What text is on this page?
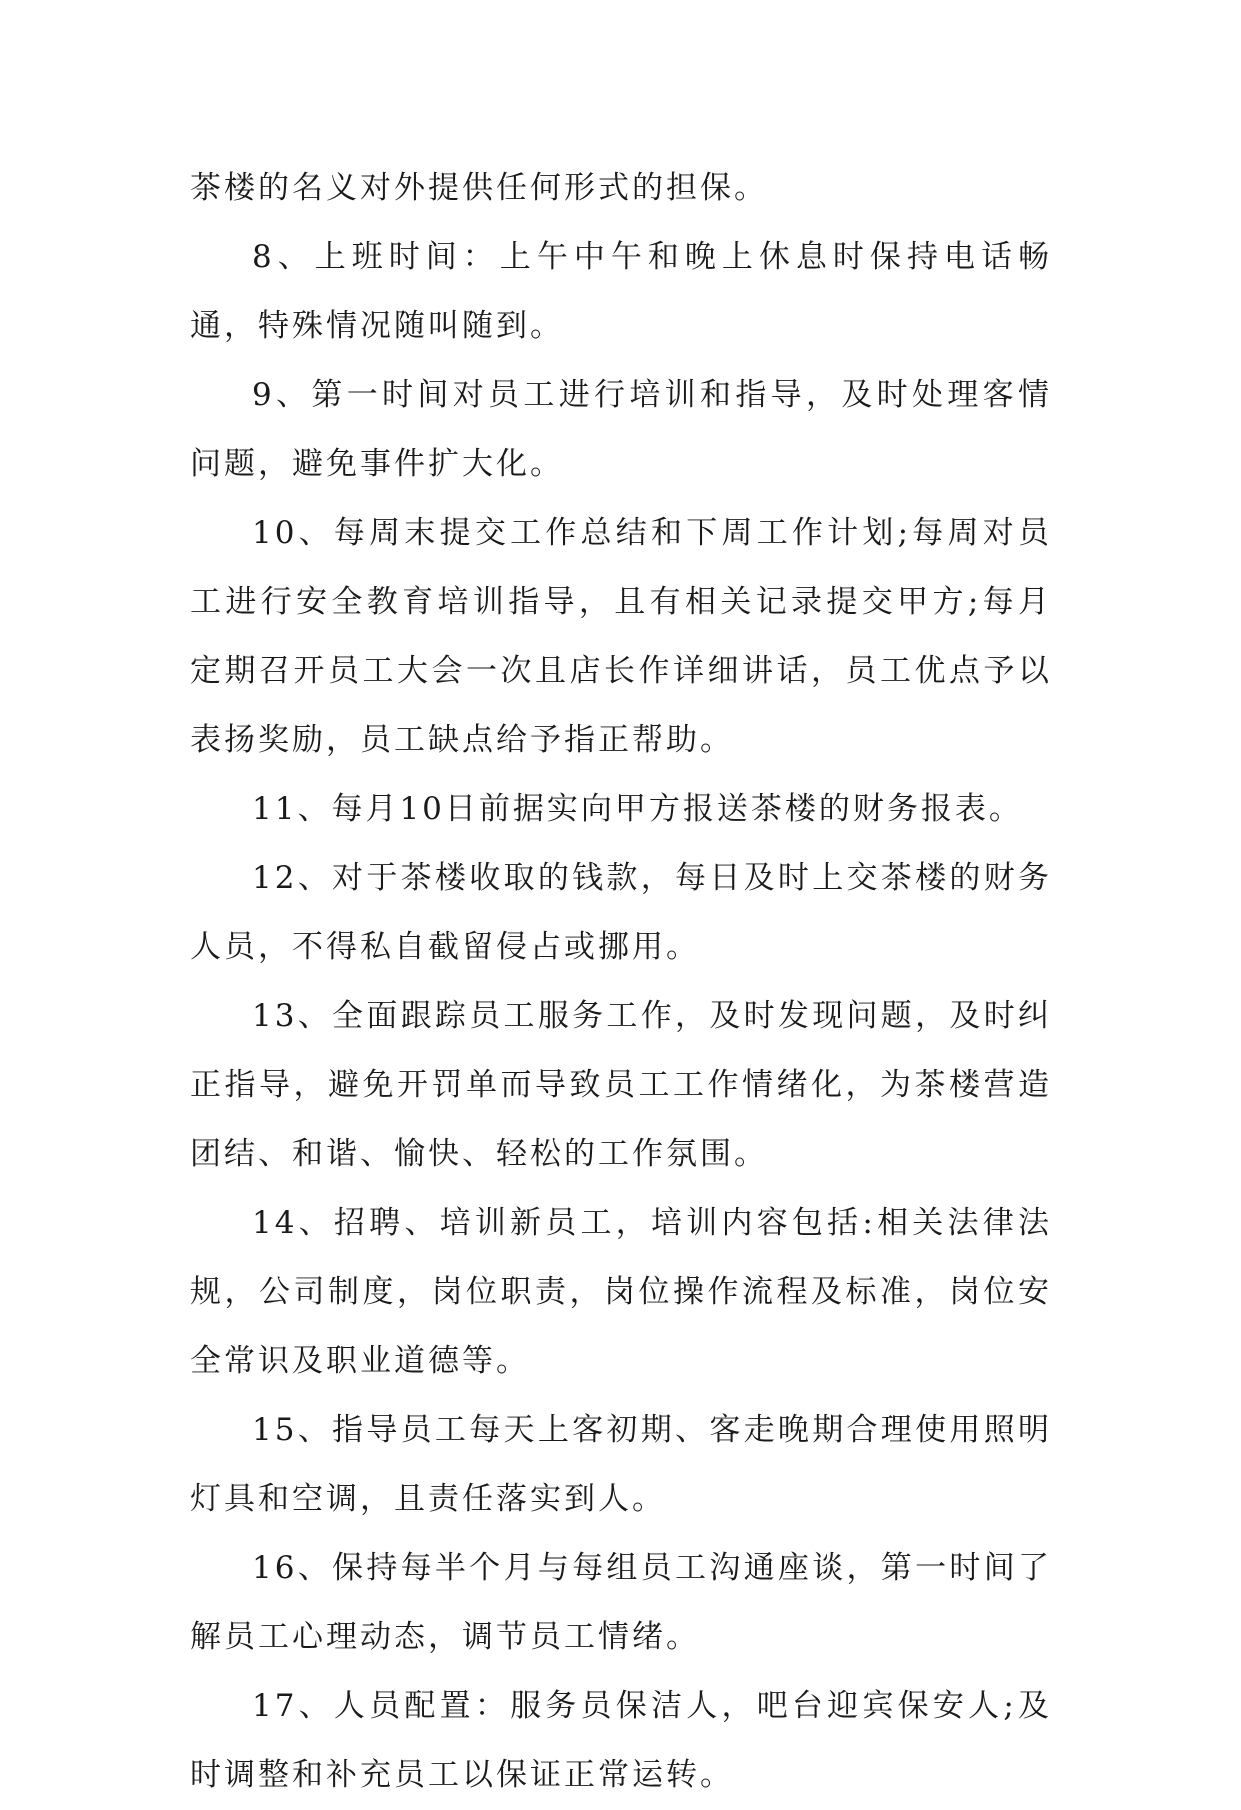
茶楼的名义对外提供任何形式的担保。

8、上班时间：上午中午和晚上休息时保持电话畅通，特殊情况随叫随到。

9、第一时间对员工进行培训和指导，及时处理客情问题，避免事件扩大化。

10、每周末提交工作总结和下周工作计划;每周对员工进行安全教育培训指导，且有相关记录提交甲方;每月定期召开员工大会一次且店长作详细讲话，员工优点予以表扬奖励，员工缺点给予指正帮助。

11、每月10日前据实向甲方报送茶楼的财务报表。

12、对于茶楼收取的钱款，每日及时上交茶楼的财务人员，不得私自截留侵占或挪用。

13、全面跟踪员工服务工作，及时发现问题，及时纠正指导，避免开罚单而导致员工工作情绪化，为茶楼营造团结、和谐、愉快、轻松的工作氛围。

14、招聘、培训新员工，培训内容包括:相关法律法规，公司制度，岗位职责，岗位操作流程及标准，岗位安全常识及职业道德等。

15、指导员工每天上客初期、客走晚期合理使用照明灯具和空调，且责任落实到人。

16、保持每半个月与每组员工沟通座谈，第一时间了解员工心理动态，调节员工情绪。

17、人员配置：服务员保洁人，吧台迎宾保安人;及时调整和补充员工以保证正常运转。
